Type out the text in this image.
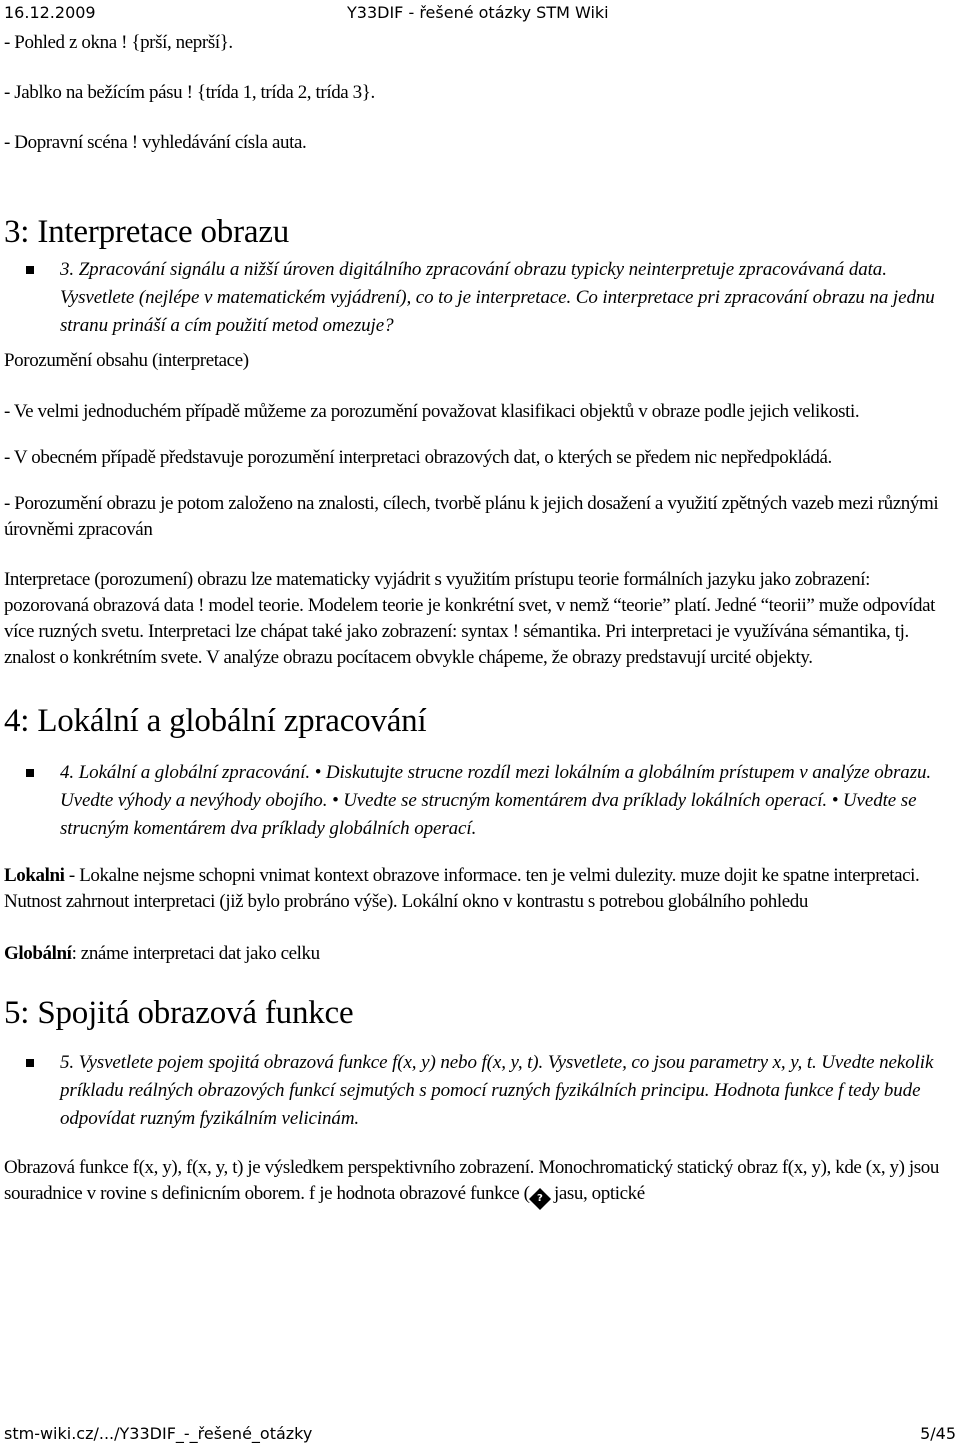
16.12.2009	Y33DIF - řešené otázky STM Wiki

- Pohled z okna ! {prší, neprší}.

- Jablko na bežícím pásu ! {trída 1, trída 2, trída 3}.

- Dopravní scéna ! vyhledávání císla auta.

3: Interpretace obrazu

3. Zpracování signálu a nižší úroven digitálního zpracování obrazu typicky neinterpretuje zpracovávaná data. Vysvetlete (nejlépe v matematickém vyjádrení), co to je interpretace. Co interpretace pri zpracování obrazu na jednu stranu prináší a cím použití metod omezuje?

Porozumění obsahu (interpretace)

- Ve velmi jednoduchém případě můžeme za porozumění považovat klasifikaci objektů v obraze podle jejich velikosti.

- V obecném případě představuje porozumění interpretaci obrazových dat, o kterých se předem nic nepředpokládá.

- Porozumění obrazu je potom založeno na znalosti, cílech, tvorbě plánu k jejich dosažení a využití zpětných vazeb mezi různými úrovněmi zpracován

Interpretace (porozumení) obrazu lze matematicky vyjádrit s využitím prístupu teorie formálních jazyku jako zobrazení: pozorovaná obrazová data ! model teorie. Modelem teorie je konkrétní svet, v nemž “teorie” platí. Jedné “teorii” muže odpovídat více ruzných svetu. Interpretaci lze chápat také jako zobrazení: syntax ! sémantika. Pri interpretaci je využívána sémantika, tj. znalost o konkrétním svete. V analýze obrazu pocítacem obvykle chápeme, že obrazy predstavují urcité objekty.

4: Lokální a globální zpracování

4. Lokální a globální zpracování. • Diskutujte strucne rozdíl mezi lokálním a globálním prístupem v analýze obrazu. Uvedte výhody a nevýhody obojího. • Uvedte se strucným komentárem dva príklady lokálních operací. • Uvedte se strucným komentárem dva príklady globálních operací.

Lokalni - Lokalne nejsme schopni vnimat kontext obrazove informace. ten je velmi dulezity. muze dojit ke spatne interpretaci. Nutnost zahrnout interpretaci (již bylo probráno výše). Lokální okno v kontrastu s potrebou globálního pohledu

Globální: známe interpretaci dat jako celku

5: Spojitá obrazová funkce

5. Vysvetlete pojem spojitá obrazová funkce f(x, y) nebo f(x, y, t). Vysvetlete, co jsou parametry x, y, t. Uvedte nekolik príkladu reálných obrazových funkcí sejmutých s pomocí ruzných fyzikálních principu. Hodnota funkce f tedy bude odpovídat ruzným fyzikálním velicinám.

Obrazová funkce f(x, y), f(x, y, t) je výsledkem perspektivního zobrazení. Monochromatický statický obraz f(x, y), kde (x, y) jsou souradnice v rovine s definicním oborem. f je hodnota obrazové funkce ( ? jasu, optické

stm-wiki.cz/.../Y33DIF_-_řešené_otázky	5/45
